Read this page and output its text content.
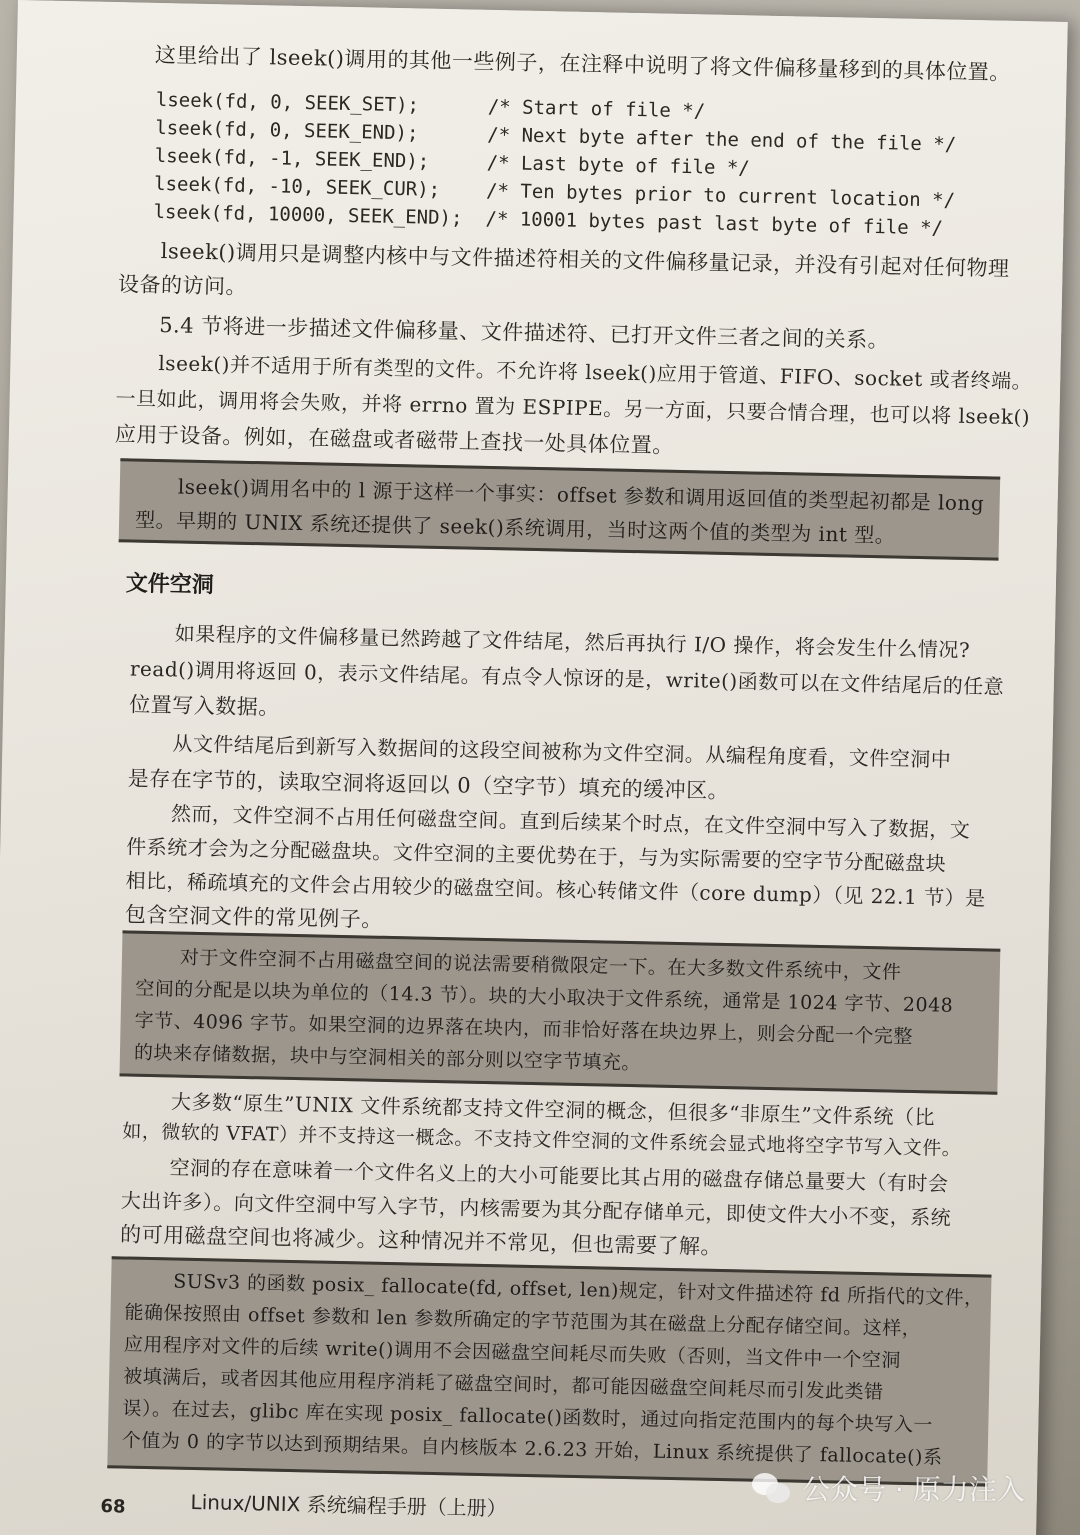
这里给出了 lseek()调用的其他一些例子，在注释中说明了将文件偏移量移到的具体位置。
lseek(fd, 0, SEEK_SET);	/* Start of file */
lseek(fd, 0, SEEK_END);	/* Next byte after the end of the file */
lseek(fd, -1, SEEK_END);	/* Last byte of file */
lseek(fd, -10, SEEK_CUR); /* Ten bytes prior to current location */
lseek(fd, 10000, SEEK_END); /* 10001 bytes past last byte of file */
lseek()调用只是调整内核中与文件描述符相关的文件偏移量记录，并没有引起对任何物理
设备的访问。
5.4 节将进一步描述文件偏移量、文件描述符、已打开文件三者之间的关系。
lseek()并不适用于所有类型的文件。不允许将 lseek()应用于管道、FIFO、socket 或者终端。
一旦如此，调用将会失败，并将 errno 置为 ESPIPE。另一方面，只要合情合理，也可以将 lseek()
应用于设备。例如，在磁盘或者磁带上查找一处具体位置。
lseek()调用名中的 l 源于这样一个事实：offset 参数和调用返回值的类型起初都是 long
型。早期的 UNIX 系统还提供了 seek()系统调用，当时这两个值的类型为 int 型。
文件空洞
如果程序的文件偏移量已然跨越了文件结尾，然后再执行 I/O 操作，将会发生什么情况?
read()调用将返回 0，表示文件结尾。有点令人惊讶的是，write()函数可以在文件结尾后的任意
位置写入数据。
从文件结尾后到新写入数据间的这段空间被称为文件空洞。从编程角度看，文件空洞中
是存在字节的，读取空洞将返回以 0（空字节）填充的缓冲区。
然而，文件空洞不占用任何磁盘空间。直到后续某个时点，在文件空洞中写入了数据，文
件系统才会为之分配磁盘块。文件空洞的主要优势在于，与为实际需要的空字节分配磁盘块
相比，稀疏填充的文件会占用较少的磁盘空间。核心转储文件（core dump）（见 22.1 节）是
包含空洞文件的常见例子。
对于文件空洞不占用磁盘空间的说法需要稍微限定一下。在大多数文件系统中，文件
空间的分配是以块为单位的（14.3 节）。块的大小取决于文件系统，通常是 1024 字节、2048
字节、4096 字节。如果空洞的边界落在块内，而非恰好落在块边界上，则会分配一个完整
的块来存储数据，块中与空洞相关的部分则以空字节填充。
大多数“原生”UNIX 文件系统都支持文件空洞的概念，但很多“非原生”文件系统（比
如，微软的 VFAT）并不支持这一概念。不支持文件空洞的文件系统会显式地将空字节写入文件。
空洞的存在意味着一个文件名义上的大小可能要比其占用的磁盘存储总量要大（有时会
大出许多）。向文件空洞中写入字节，内核需要为其分配存储单元，即使文件大小不变，系统
的可用磁盘空间也将减少。这种情况并不常见，但也需要了解。
SUSv3 的函数 posix_ fallocate(fd, offset, len)规定，针对文件描述符 fd 所指代的文件，
能确保按照由 offset 参数和 len 参数所确定的字节范围为其在磁盘上分配存储空间。这样，
应用程序对文件的后续 write()调用不会因磁盘空间耗尽而失败（否则，当文件中一个空洞
被填满后，或者因其他应用程序消耗了磁盘空间时，都可能因磁盘空间耗尽而引发此类错
误）。在过去，glibc 库在实现 posix_ fallocate()函数时，通过向指定范围内的每个块写入一
个值为 0 的字节以达到预期结果。自内核版本 2.6.23 开始，Linux 系统提供了 fallocate()系
68	Linux/UNIX 系统编程手册（上册）	公众号 · 原力注入
